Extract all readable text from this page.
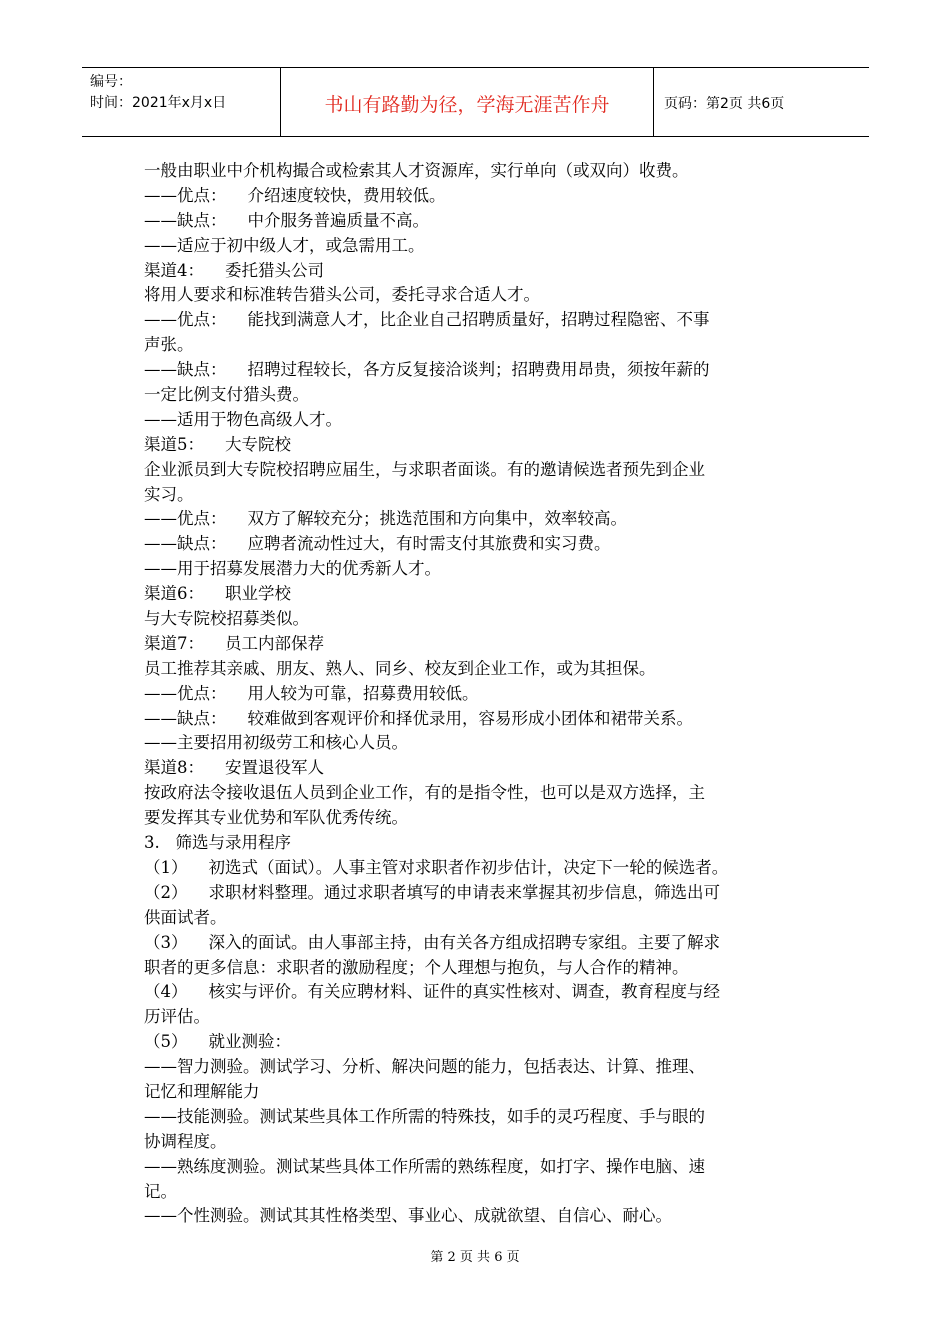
编号：
时间：2021年x月x日	书山有路勤为径，学海无涯苦作舟	页码：第2页 共6页
一般由职业中介机构撮合或检索其人才资源库，实行单向（或双向）收费。
——优点：    介绍速度较快，费用较低。
——缺点：    中介服务普遍质量不高。
——适应于初中级人才，或急需用工。
渠道4：    委托猎头公司
将用人要求和标准转告猎头公司，委托寻求合适人才。
——优点：    能找到满意人才，比企业自己招聘质量好，招聘过程隐密、不事
声张。
——缺点：    招聘过程较长，各方反复接洽谈判；招聘费用昂贵，须按年薪的
一定比例支付猎头费。
——适用于物色高级人才。
渠道5：    大专院校
企业派员到大专院校招聘应届生，与求职者面谈。有的邀请候选者预先到企业
实习。
——优点：    双方了解较充分；挑选范围和方向集中，效率较高。
——缺点：    应聘者流动性过大，有时需支付其旅费和实习费。
——用于招募发展潜力大的优秀新人才。
渠道6：    职业学校
与大专院校招募类似。
渠道7：    员工内部保荐
员工推荐其亲戚、朋友、熟人、同乡、校友到企业工作，或为其担保。
——优点：    用人较为可靠，招募费用较低。
——缺点：    较难做到客观评价和择优录用，容易形成小团体和裙带关系。
——主要招用初级劳工和核心人员。
渠道8：    安置退役军人
按政府法令接收退伍人员到企业工作，有的是指令性，也可以是双方选择，主
要发挥其专业优势和军队优秀传统。
3.   筛选与录用程序
（1）    初选式（面试）。人事主管对求职者作初步估计，决定下一轮的候选者。
（2）    求职材料整理。通过求职者填写的申请表来掌握其初步信息，筛选出可
供面试者。
（3）    深入的面试。由人事部主持，由有关各方组成招聘专家组。主要了解求
职者的更多信息：求职者的激励程度；个人理想与抱负，与人合作的精神。
（4）    核实与评价。有关应聘材料、证件的真实性核对、调查，教育程度与经
历评估。
（5）    就业测验：
——智力测验。测试学习、分析、解决问题的能力，包括表达、计算、推理、
记忆和理解能力
——技能测验。测试某些具体工作所需的特殊技，如手的灵巧程度、手与眼的
协调程度。
——熟练度测验。测试某些具体工作所需的熟练程度，如打字、操作电脑、速
记。
——个性测验。测试其其性格类型、事业心、成就欲望、自信心、耐心。
第 2 页 共 6 页
